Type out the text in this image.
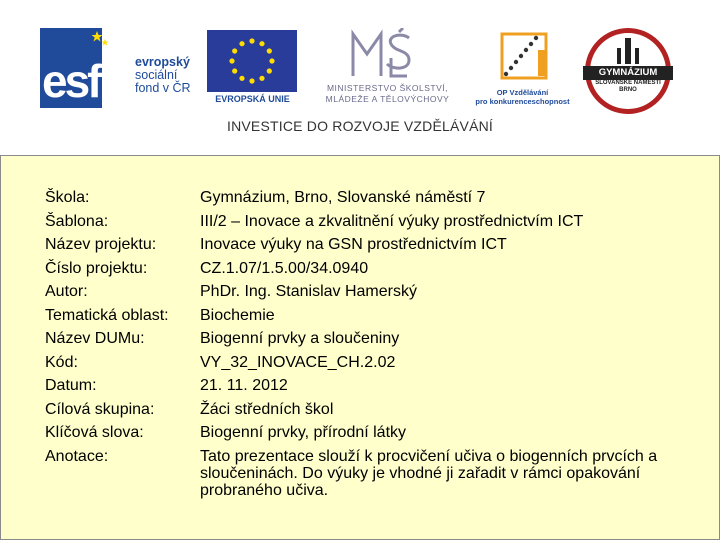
esf	evropský
sociální
fond v ČR
EVROPSKÁ UNIE
MINISTERSTVO ŠKOLSTVÍ,
MLÁDEŽE A TĚLOVÝCHOVY
OP Vzdělávání
pro konkurenceschopnost
GYMNÁZIUM
SLOVANSKÉ NÁMĚSTÍ
BRNO
INVESTICE DO ROZVOJE VZDĚLÁVÁNÍ
Škola:	Gymnázium, Brno, Slovanské náměstí 7
Šablona:	III/2 – Inovace a zkvalitnění výuky prostřednictvím ICT
Název projektu:	Inovace výuky na GSN prostřednictvím ICT
Číslo projektu:	CZ.1.07/1.5.00/34.0940
Autor:	PhDr. Ing. Stanislav Hamerský
Tematická oblast:	Biochemie
Název DUMu:	Biogenní prvky a sloučeniny
Kód:	VY_32_INOVACE_CH.2.02
Datum:	21. 11. 2012
Cílová skupina:	Žáci středních škol
Klíčová slova:	Biogenní prvky, přírodní látky
Anotace:	Tato prezentace slouží k procvičení učiva o biogenních prvcích a sloučeninách. Do výuky je vhodné ji zařadit v rámci opakování probraného učiva.
